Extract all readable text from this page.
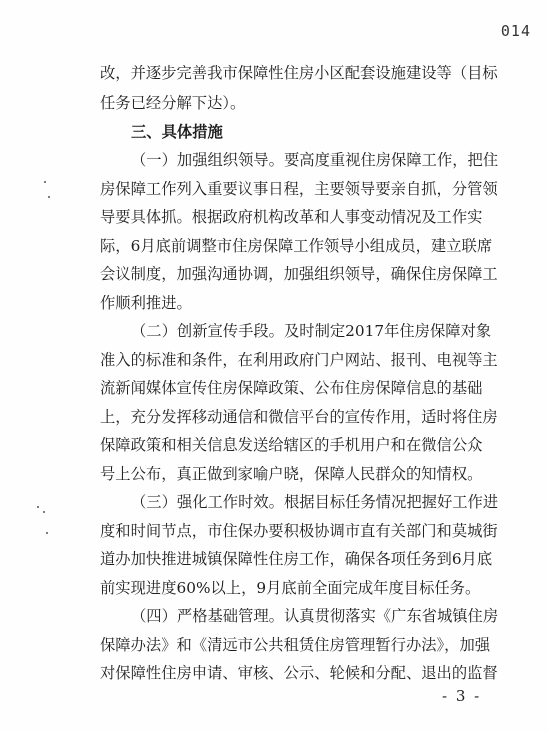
014
改，并逐步完善我市保障性住房小区配套设施建设等（目标
任务已经分解下达）。
三、具体措施
（一）加强组织领导。要高度重视住房保障工作，把住
房保障工作列入重要议事日程，主要领导要亲自抓，分管领
导要具体抓。根据政府机构改革和人事变动情况及工作实
际，6月底前调整市住房保障工作领导小组成员，建立联席
会议制度，加强沟通协调，加强组织领导，确保住房保障工
作顺利推进。
（二）创新宣传手段。及时制定2017年住房保障对象
准入的标准和条件，在利用政府门户网站、报刊、电视等主
流新闻媒体宣传住房保障政策、公布住房保障信息的基础
上，充分发挥移动通信和微信平台的宣传作用，适时将住房
保障政策和相关信息发送给辖区的手机用户和在微信公众
号上公布，真正做到家喻户晓，保障人民群众的知情权。
（三）强化工作时效。根据目标任务情况把握好工作进
度和时间节点，市住保办要积极协调市直有关部门和莫城街
道办加快推进城镇保障性住房工作，确保各项任务到6月底
前实现进度60%以上，9月底前全面完成年度目标任务。
（四）严格基础管理。认真贯彻落实《广东省城镇住房
保障办法》和《清远市公共租赁住房管理暂行办法》，加强
对保障性住房申请、审核、公示、轮候和分配、退出的监督
- 3 -
